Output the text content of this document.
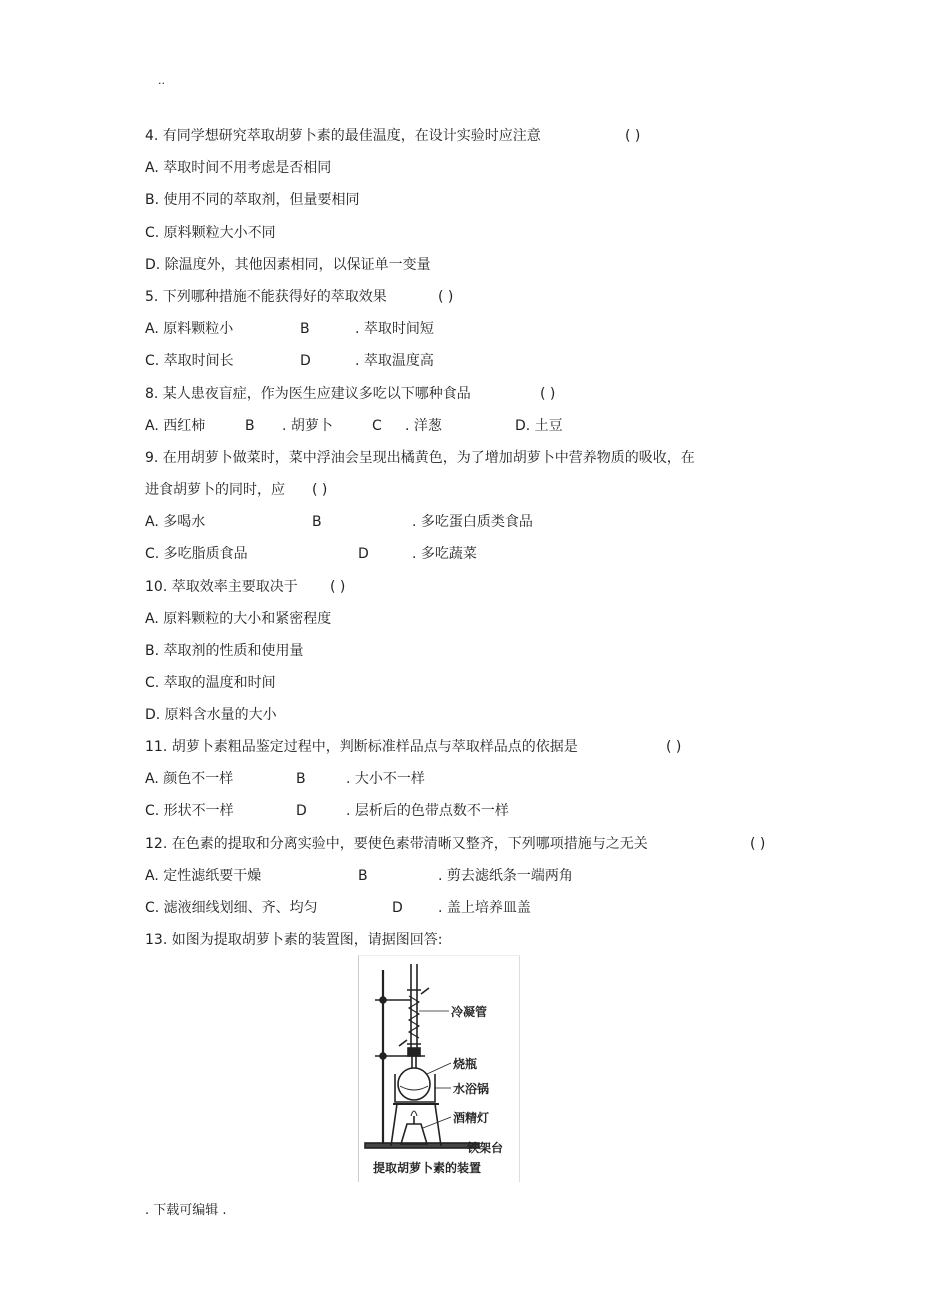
..
4. 有同学想研究萃取胡萝卜素的最佳温度，在设计实验时应注意	( )
A. 萃取时间不用考虑是否相同
B. 使用不同的萃取剂，但量要相同
C. 原料颗粒大小不同
D. 除温度外，其他因素相同，以保证单一变量
5. 下列哪种措施不能获得好的萃取效果	( )
A. 原料颗粒小	B	. 萃取时间短
C. 萃取时间长	D	. 萃取温度高
8. 某人患夜盲症，作为医生应建议多吃以下哪种食品	( )
A. 西红柿	B . 胡萝卜	C . 洋葱	D. 土豆
9. 在用胡萝卜做菜时，菜中浮油会呈现出橘黄色，为了增加胡萝卜中营养物质的吸收，在
进食胡萝卜的同时，应 ( )
A. 多喝水	B	. 多吃蛋白质类食品
C. 多吃脂质食品	D	. 多吃蔬菜
10. 萃取效率主要取决于 ( )
A. 原料颗粒的大小和紧密程度
B. 萃取剂的性质和使用量
C. 萃取的温度和时间
D. 原料含水量的大小
11. 胡萝卜素粗品鉴定过程中，判断标准样品点与萃取样品点的依据是	( )
A. 颜色不一样	B	. 大小不一样
C. 形状不一样	D	. 层析后的色带点数不一样
12. 在色素的提取和分离实验中，要使色素带清晰又整齐，下列哪项措施与之无关	( )
A. 定性滤纸要干燥	B	. 剪去滤纸条一端两角
C. 滤液细线划细、齐、均匀	D	. 盖上培养皿盖
13. 如图为提取胡萝卜素的装置图，请据图回答:
冷凝管
烧瓶
水浴锅
酒精灯
铁架台
提取胡萝卜素的装置
. 下载可编辑 .
